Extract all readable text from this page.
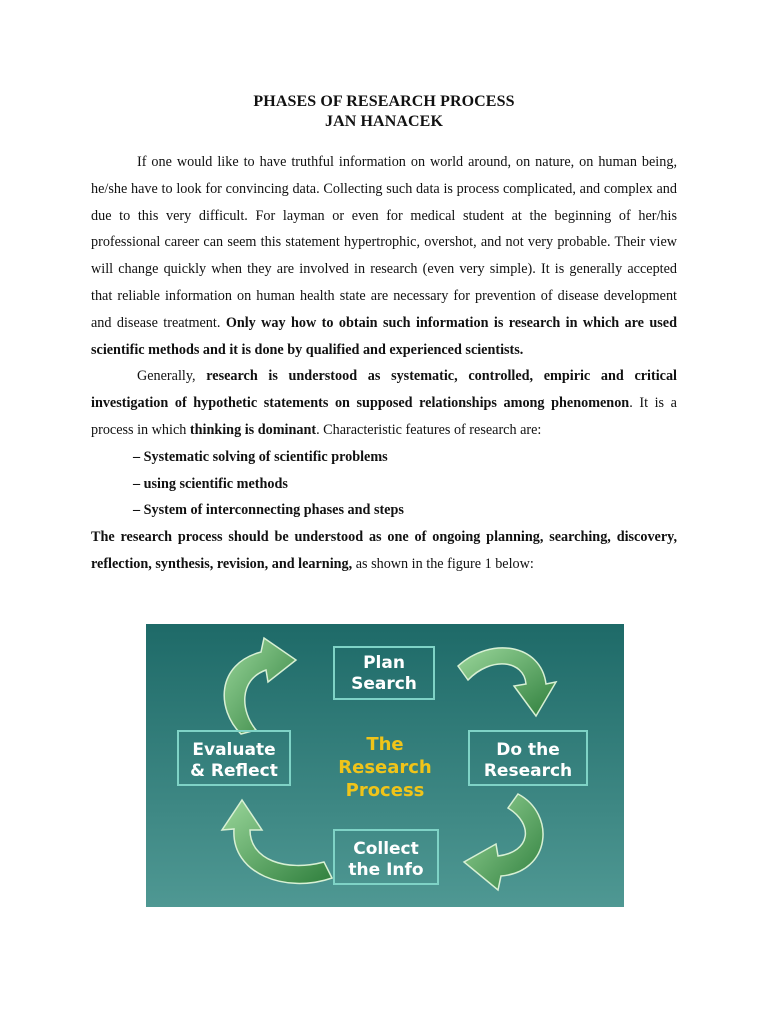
PHASES OF RESEARCH PROCESS
JAN HANACEK

If one would like to have truthful information on world around, on nature, on human being, he/she have to look for convincing data. Collecting such data is process complicated, and complex and due to this very difficult. For layman or even for medical student at the beginning of her/his professional career can seem this statement hypertrophic, overshot, and not very probable. Their view will change quickly when they are involved in research (even very simple). It is generally accepted that reliable information on human health state are necessary for prevention of disease development and disease treatment. Only way how to obtain such information is research in which are used scientific methods and it is done by qualified and experienced scientists.

Generally, research is understood as systematic, controlled, empiric and critical investigation of hypothetic statements on supposed relationships among phenomenon. It is a process in which thinking is dominant. Characteristic features of research are:

– Systematic solving of scientific problems
– using scientific methods
– System of interconnecting phases and steps

The research process should be understood as one of ongoing planning, searching, discovery, reflection, synthesis, revision, and learning, as shown in the figure 1 below:

Plan
Search
Evaluate
& Reflect
Do the
Research
Collect
the Info
The
Research
Process
